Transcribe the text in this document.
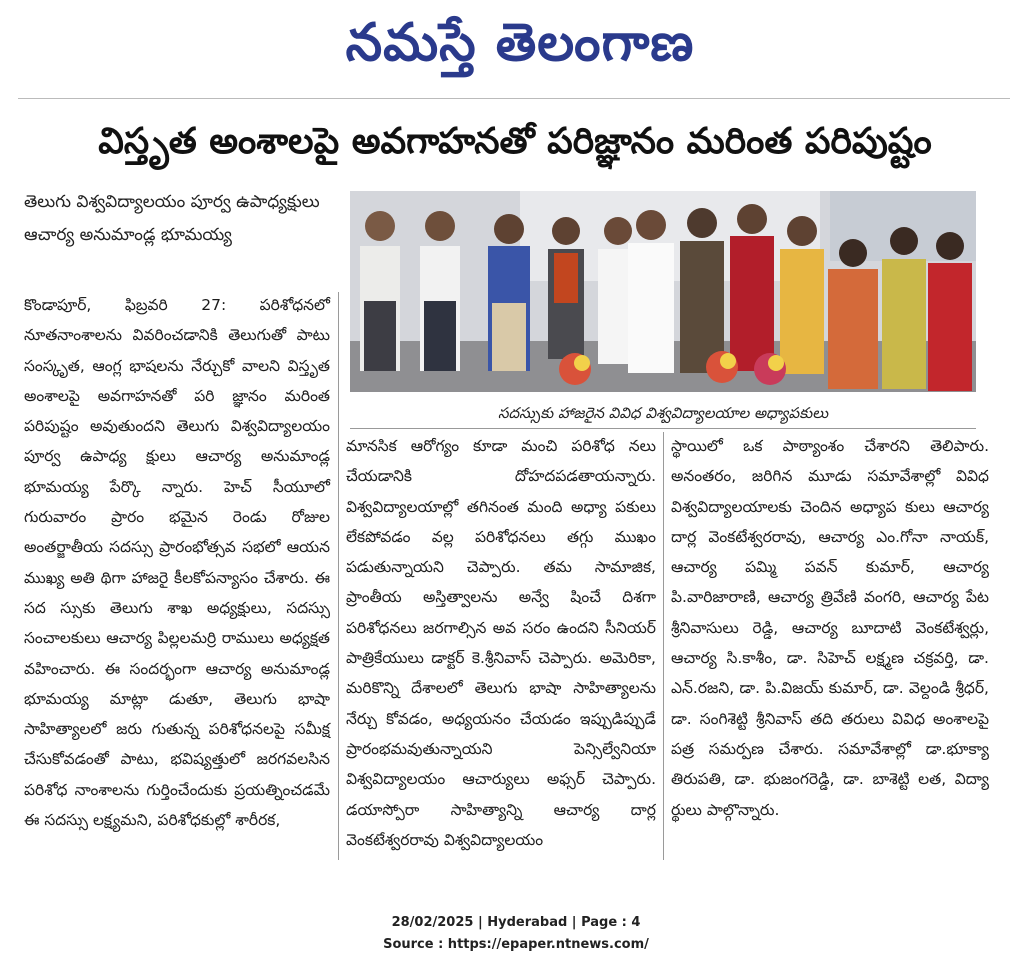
నమస్తే తెలంగాణ
విస్తృత అంశాలపై అవగాహనతో పరిజ్ఞానం మరింత పరిపుష్టం
తెలుగు విశ్వవిద్యాలయం పూర్వ ఉపాధ్యక్షులు ఆచార్య అనుమాండ్ల భూమయ్య
సదస్సుకు హాజరైన వివిధ విశ్వవిద్యాలయాల అధ్యాపకులు

కొండాపూర్, ఫిబ్రవరి 27: పరిశోధనలో నూతనాంశాలను వివరించడానికి తెలుగుతో పాటు సంస్కృత, ఆంగ్ల భాషలను నేర్చుకో వాలని విస్తృత అంశాలపై అవగాహనతో పరి జ్ఞానం మరింత పరిపుష్టం అవుతుందని తెలుగు విశ్వవిద్యాలయం పూర్వ ఉపాధ్య క్షులు ఆచార్య అనుమాండ్ల భూమయ్య పేర్కొ న్నారు. హెచ్ సీయూలో గురువారం ప్రారం భమైన రెండు రోజుల అంతర్జాతీయ సదస్సు ప్రారంభోత్సవ సభలో ఆయన ముఖ్య అతి థిగా హాజరై కీలకోపన్యాసం చేశారు. ఈ సద స్సుకు తెలుగు శాఖ అధ్యక్షులు, సదస్సు సంచాలకులు ఆచార్య పిల్లలమర్రి రాములు అధ్యక్షత వహించారు. ఈ సందర్భంగా ఆచార్య అనుమాండ్ల భూమయ్య మాట్లా డుతూ, తెలుగు భాషా సాహిత్యాలలో జరు గుతున్న పరిశోధనలపై సమీక్ష చేసుకోవడంతో పాటు, భవిష్యత్తులో జరగవలసిన పరిశోధ నాంశాలను గుర్తించేందుకు ప్రయత్నించడమే ఈ సదస్సు లక్ష్యమని, పరిశోధకుల్లో శారీరక,

మానసిక ఆరోగ్యం కూడా మంచి పరిశోధ నలు చేయడానికి దోహదపడతాయన్నారు. విశ్వవిద్యాలయాల్లో తగినంత మంది అధ్యా పకులు లేకపోవడం వల్ల పరిశోధనలు తగ్గు ముఖం పడుతున్నాయని చెప్పారు. తమ సామాజిక, ప్రాంతీయ అస్తిత్వాలను అన్వే షించే దిశగా పరిశోధనలు జరగాల్సిన అవ సరం ఉందని సీనియర్ పాత్రికేయులు డాక్టర్ కె.శ్రీనివాస్ చెప్పారు. అమెరికా, మరికొన్ని దేశాలలో తెలుగు భాషా సాహిత్యాలను నేర్చు కోవడం, అధ్యయనం చేయడం ఇప్పుడిప్పుడే ప్రారంభమవుతున్నాయని పెన్సిల్వేనియా విశ్వవిద్యాలయం ఆచార్యులు అఫ్సర్ చెప్పారు. డయాస్పోరా సాహిత్యాన్ని ఆచార్య దార్ల వెంకటేశ్వరరావు విశ్వవిద్యాలయం

స్థాయిలో ఒక పాఠ్యాంశం చేశారని తెలిపారు. అనంతరం, జరిగిన మూడు సమావేశాల్లో వివిధ విశ్వవిద్యాలయాలకు చెందిన అధ్యాప కులు ఆచార్య దార్ల వెంకటేశ్వరరావు, ఆచార్య ఎం.గోనా నాయక్, ఆచార్య పమ్మి పవన్ కుమార్, ఆచార్య పి.వారిజారాణి, ఆచార్య త్రివేణి వంగరి, ఆచార్య పేట శ్రీనివాసులు రెడ్డి, ఆచార్య బూదాటి వెంకటేశ్వర్లు, ఆచార్య సి.కాశీం, డా. సిహెచ్ లక్ష్మణ చక్రవర్తి, డా. ఎన్.రజని, డా. పి.విజయ్ కుమార్, డా. వెల్దండి శ్రీధర్, డా. సంగిశెట్టి శ్రీనివాస్ తది తరులు వివిధ అంశాలపై పత్ర సమర్పణ చేశారు. సమావేశాల్లో డా.భూక్యా తిరుపతి, డా. భుజంగరెడ్డి, డా. బాశెట్టి లత, విద్యా ర్థులు పాల్గొన్నారు.

28/02/2025 | Hyderabad | Page : 4
Source : https://epaper.ntnews.com/
